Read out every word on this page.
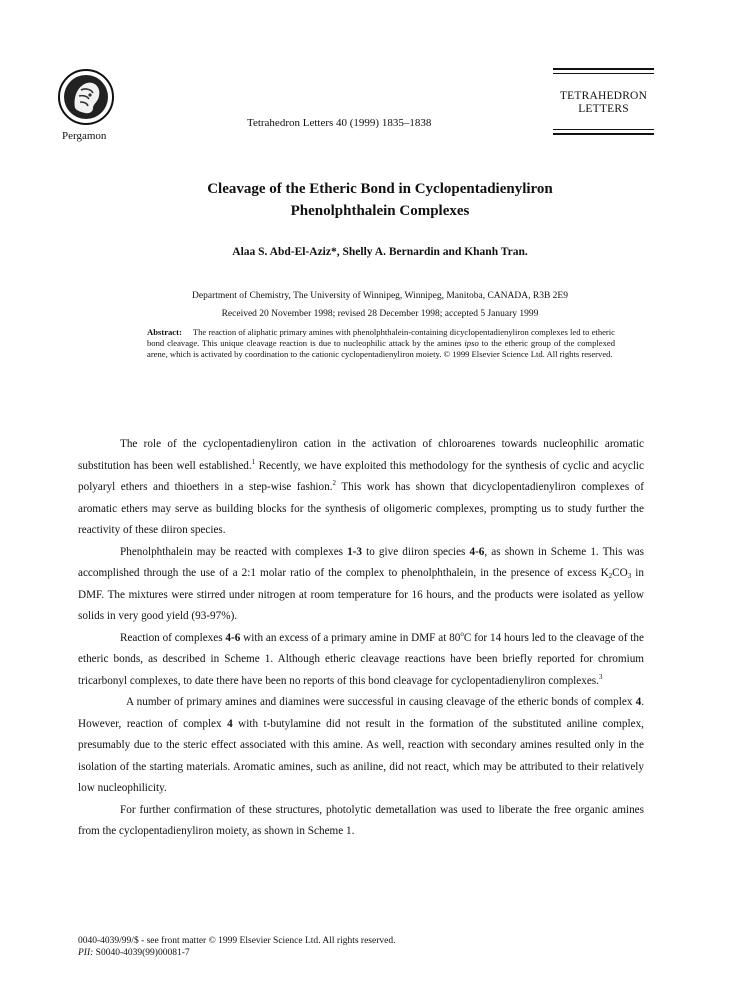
Pergamon
Tetrahedron Letters 40 (1999) 1835–1838
TETRAHEDRON
LETTERS
Cleavage of the Etheric Bond in Cyclopentadienyliron
Phenolphthalein Complexes
Alaa S. Abd-El-Aziz*, Shelly A. Bernardin and Khanh Tran.
Department of Chemistry, The University of Winnipeg, Winnipeg, Manitoba, CANADA, R3B 2E9
Received 20 November 1998; revised 28 December 1998; accepted 5 January 1999
Abstract: The reaction of aliphatic primary amines with phenolphthalein-containing dicyclopentadienyliron complexes led to etheric bond cleavage. This unique cleavage reaction is due to nucleophilic attack by the amines ipso to the etheric group of the complexed arene, which is activated by coordination to the cationic cyclopentadienyliron moiety. © 1999 Elsevier Science Ltd. All rights reserved.

The role of the cyclopentadienyliron cation in the activation of chloroarenes towards nucleophilic aromatic substitution has been well established.$^1$ Recently, we have exploited this methodology for the synthesis of cyclic and acyclic polyaryl ethers and thioethers in a step-wise fashion.$^2$ This work has shown that dicyclopentadienyliron complexes of aromatic ethers may serve as building blocks for the synthesis of oligomeric complexes, prompting us to study further the reactivity of these diiron species.

Phenolphthalein may be reacted with complexes 1-3 to give diiron species 4-6, as shown in Scheme 1. This was accomplished through the use of a 2:1 molar ratio of the complex to phenolphthalein, in the presence of excess $K_2CO_3$ in DMF. The mixtures were stirred under nitrogen at room temperature for 16 hours, and the products were isolated as yellow solids in very good yield (93-97%).

Reaction of complexes 4-6 with an excess of a primary amine in DMF at 80$^o$C for 14 hours led to the cleavage of the etheric bonds, as described in Scheme 1. Although etheric cleavage reactions have been briefly reported for chromium tricarbonyl complexes, to date there have been no reports of this bond cleavage for cyclopentadienyliron complexes.$^3$

A number of primary amines and diamines were successful in causing cleavage of the etheric bonds of complex 4. However, reaction of complex 4 with t-butylamine did not result in the formation of the substituted aniline complex, presumably due to the steric effect associated with this amine. As well, reaction with secondary amines resulted only in the isolation of the starting materials. Aromatic amines, such as aniline, did not react, which may be attributed to their relatively low nucleophilicity.

For further confirmation of these structures, photolytic demetallation was used to liberate the free organic amines from the cyclopentadienyliron moiety, as shown in Scheme 1.

0040-4039/99/$ - see front matter © 1999 Elsevier Science Ltd. All rights reserved.
PII: S0040-4039(99)00081-7
